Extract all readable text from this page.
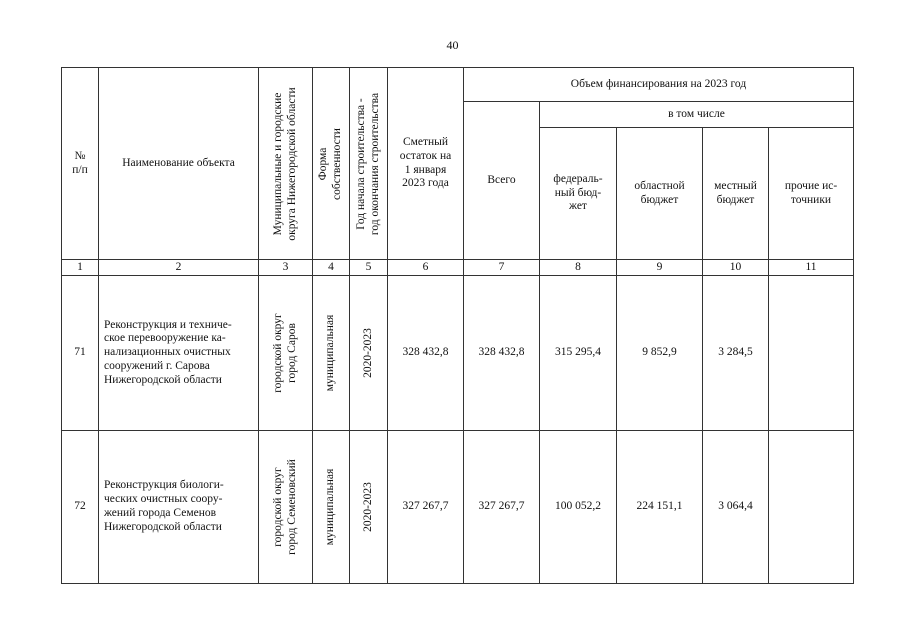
40
№
п/п	Наименование объекта	Муниципальные и городские округа Нижегородской области	Форма собственности	Год начала строительства - год окончания строительства	Сметный
остаток на
1 января
2023 года	Объем финансирования на 2023 год				
						Всего	в том числе			
							федераль-
ный бюд-
жет	областной
бюджет	местный
бюджет	прочие ис-
точники
1	2	3	4	5	6	7	8	9	10	11
71	Реконструкция и техниче-
ское перевооружение ка-
нализационных очистных
сооружений г. Сарова
Нижегородской области	городской округ город Саров	муниципальная	2020-2023	328 432,8	328 432,8	315 295,4	9 852,9	3 284,5	
72	Реконструкция биологи-
ческих очистных соору-
жений города Семенов
Нижегородской области	городской округ город Семеновский	муниципальная	2020-2023	327 267,7	327 267,7	100 052,2	224 151,1	3 064,4	
